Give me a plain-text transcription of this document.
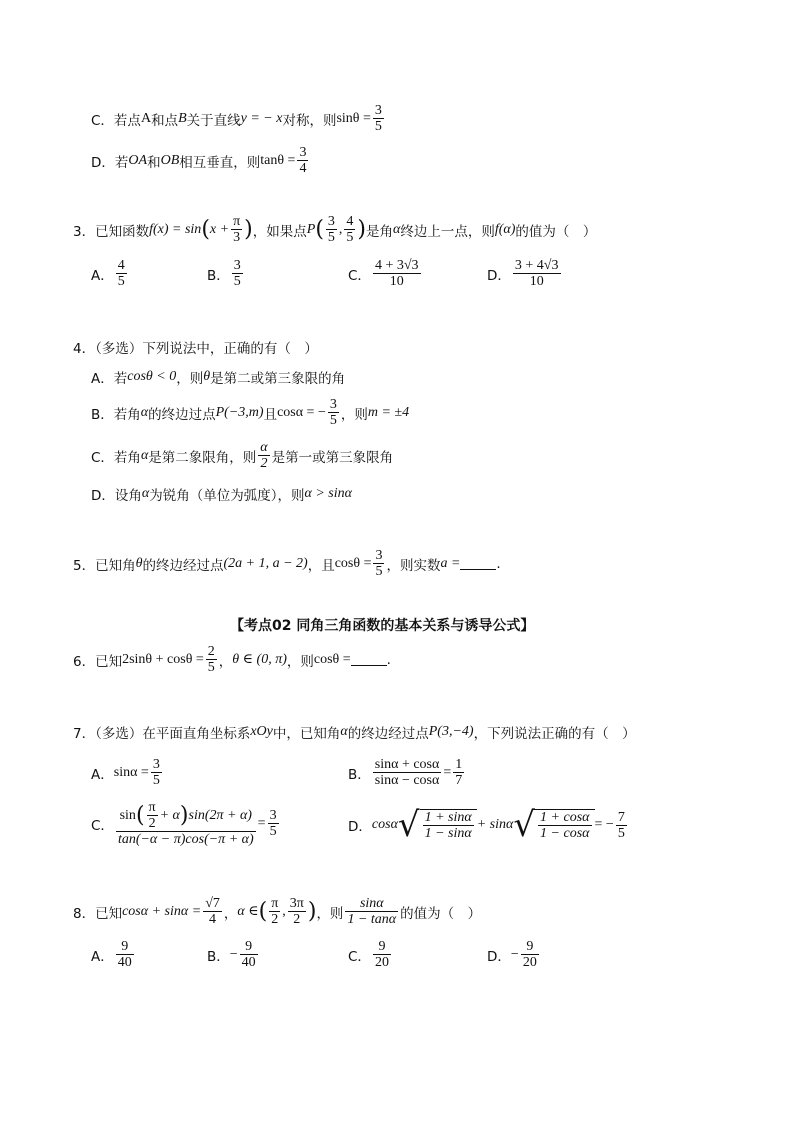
C．若点 A 和点 B 关于直线 y = − x 对称，则 $\sin\theta = \frac{3}{5}$
D．若 OA 和 OB 相互垂直，则 $\tan\theta = \frac{3}{4}$
3．已知函数 f(x) = sin ( $x + \frac{\pi}{3}$ ) ，如果点 P ( $\frac{3}{5}$ , $\frac{4}{5}$ ) 是角 α 终边上一点，则 f(α) 的值为（　）
A． $\frac{4}{5}$	B． $\frac{3}{5}$	C． $\frac{4 + 3√3}{10}$	D． $\frac{3 + 4√3}{10}$
4．（多选）下列说法中，正确的有（　）
A．若 cosθ < 0 ，则 θ 是第二或第三象限的角
B．若角 α 的终边过点 P(−3,m) 且 cosα = − $\frac{3}{5}$ ，则 m = ±4
C．若角 α 是第二象限角，则 $\frac{\alpha}{2}$ 是第一或第三象限角
D．设角 α 为锐角（单位为弧度），则 α > sinα
5．已知角 θ 的终边经过点 (2a + 1, a − 2) ，且 $\cos\theta = \frac{3}{5}$ ，则实数 a =	.
【考点02 同角三角函数的基本关系与诱导公式】
6．已知 $2\sin\theta + \cos\theta = \frac{2}{5}$ ， θ ∈ (0, π) ，则 cosθ =	.
7．（多选）在平面直角坐标系 xOy 中，已知角 α 的终边经过点 P(3,−4) ，下列说法正确的有（　）
A． $\sin\alpha = \frac{3}{5}$	B． $\frac{\sin\alpha + \cos\alpha}{\sin\alpha - \cos\alpha} = \frac{1}{7}$
C． $\frac{\sin ( \frac{\pi}{2} + \alpha ) \sin(2\pi + \alpha)}{\tan(-\alpha - \pi)\cos(-\pi + \alpha)} = \frac{3}{5}$	D． cosα √ $\frac{1 + \sin\alpha}{1 - \sin\alpha} + \sin\alpha$ √ $\frac{1 + \cos\alpha}{1 - \cos\alpha}$ = − $\frac{7}{5}$
8．已知 $\cos\alpha + \sin\alpha = \frac{√7}{4}$ ， α ∈ ( $\frac{\pi}{2}$ , $\frac{3\pi}{2}$ ) ，则 $\frac{\sin\alpha}{1 - \tan\alpha}$ 的值为（　）
A． $\frac{9}{40}$	B． − $\frac{9}{40}$	C． $\frac{9}{20}$	D． − $\frac{9}{20}$
